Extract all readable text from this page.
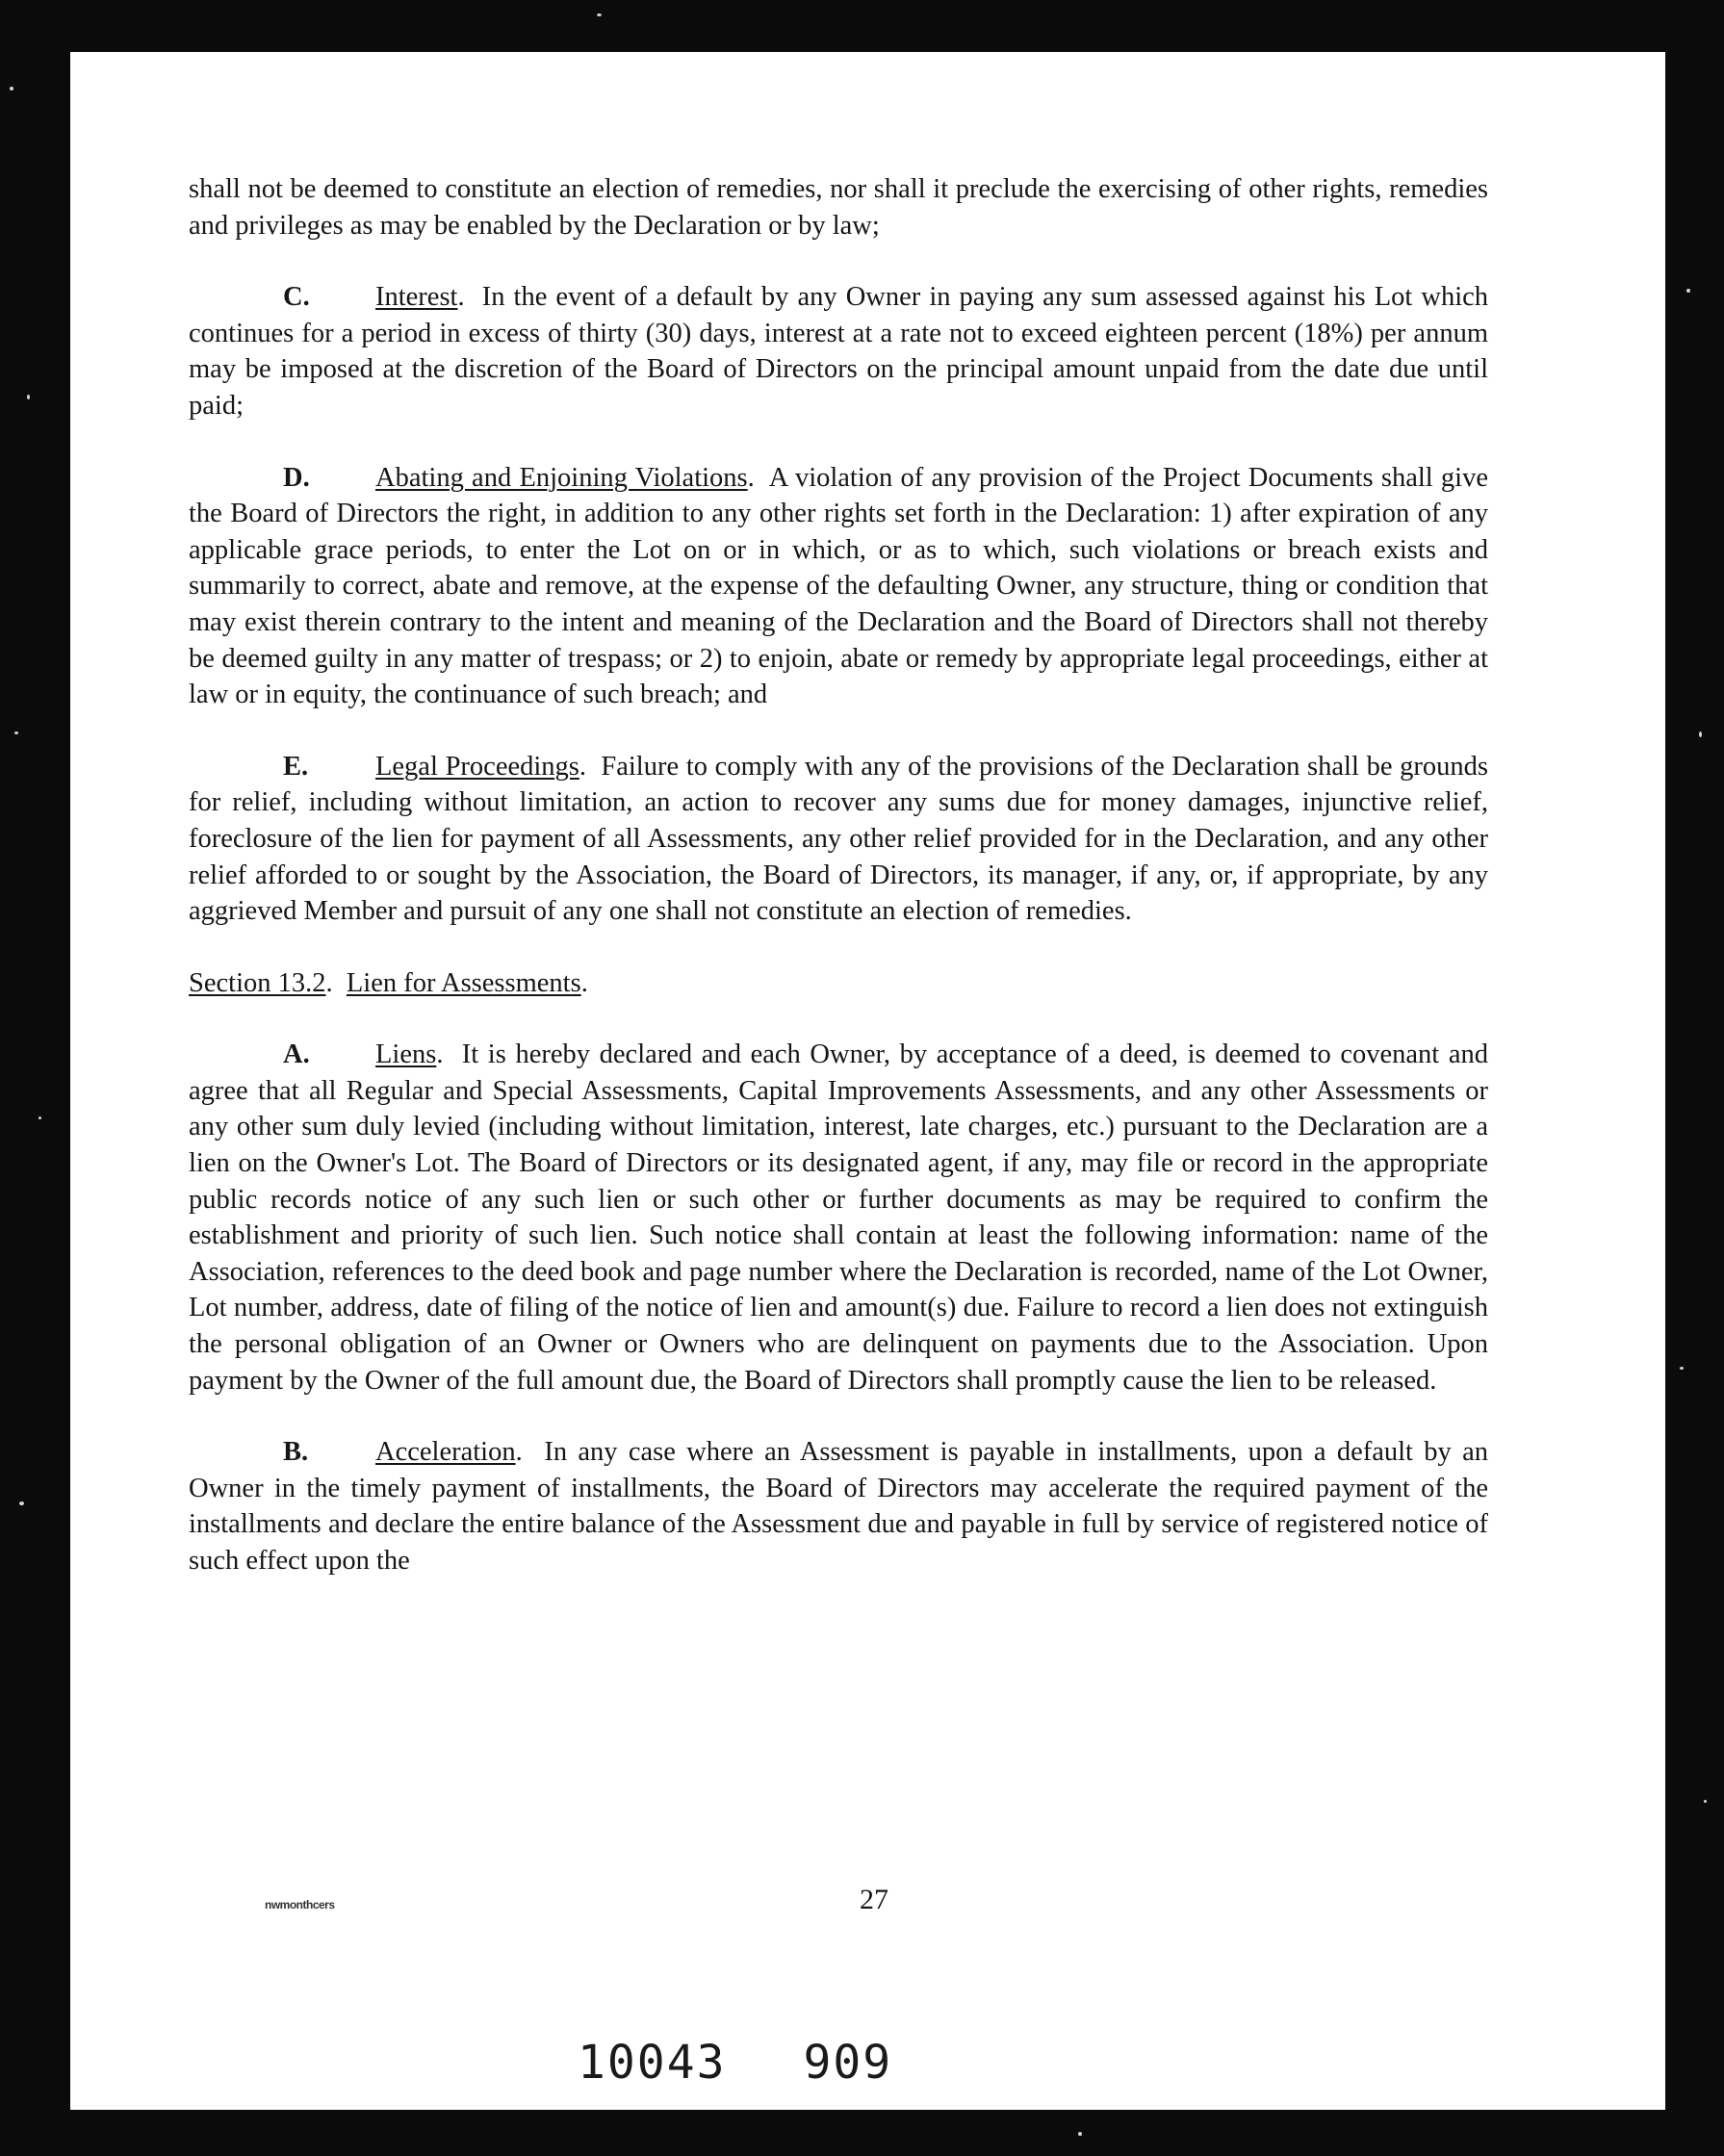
shall not be deemed to constitute an election of remedies, nor shall it preclude the exercising of other rights, remedies and privileges as may be enabled by the Declaration or by law;

C. Interest.  In the event of a default by any Owner in paying any sum assessed against his Lot which continues for a period in excess of thirty (30) days, interest at a rate not to exceed eighteen percent (18%) per annum may be imposed at the discretion of the Board of Directors on the principal amount unpaid from the date due until paid;

D. Abating and Enjoining Violations.  A violation of any provision of the Project Documents shall give the Board of Directors the right, in addition to any other rights set forth in the Declaration: 1) after expiration of any applicable grace periods, to enter the Lot on or in which, or as to which, such violations or breach exists and summarily to correct, abate and remove, at the expense of the defaulting Owner, any structure, thing or condition that may exist therein contrary to the intent and meaning of the Declaration and the Board of Directors shall not thereby be deemed guilty in any matter of trespass; or 2) to enjoin, abate or remedy by appropriate legal proceedings, either at law or in equity, the continuance of such breach; and

E. Legal Proceedings.  Failure to comply with any of the provisions of the Declaration shall be grounds for relief, including without limitation, an action to recover any sums due for money damages, injunctive relief, foreclosure of the lien for payment of all Assessments, any other relief provided for in the Declaration, and any other relief afforded to or sought by the Association, the Board of Directors, its manager, if any, or, if appropriate, by any aggrieved Member and pursuit of any one shall not constitute an election of remedies.

Section 13.2.  Lien for Assessments.

A. Liens.  It is hereby declared and each Owner, by acceptance of a deed, is deemed to covenant and agree that all Regular and Special Assessments, Capital Improvements Assessments, and any other Assessments or any other sum duly levied (including without limitation, interest, late charges, etc.) pursuant to the Declaration are a lien on the Owner's Lot. The Board of Directors or its designated agent, if any, may file or record in the appropriate public records notice of any such lien or such other or further documents as may be required to confirm the establishment and priority of such lien. Such notice shall contain at least the following information: name of the Association, references to the deed book and page number where the Declaration is recorded, name of the Lot Owner, Lot number, address, date of filing of the notice of lien and amount(s) due. Failure to record a lien does not extinguish the personal obligation of an Owner or Owners who are delinquent on payments due to the Association. Upon payment by the Owner of the full amount due, the Board of Directors shall promptly cause the lien to be released.

B. Acceleration.  In any case where an Assessment is payable in installments, upon a default by an Owner in the timely payment of installments, the Board of Directors may accelerate the required payment of the installments and declare the entire balance of the Assessment due and payable in full by service of registered notice of such effect upon the

nwmonthcers	27
10043 909
